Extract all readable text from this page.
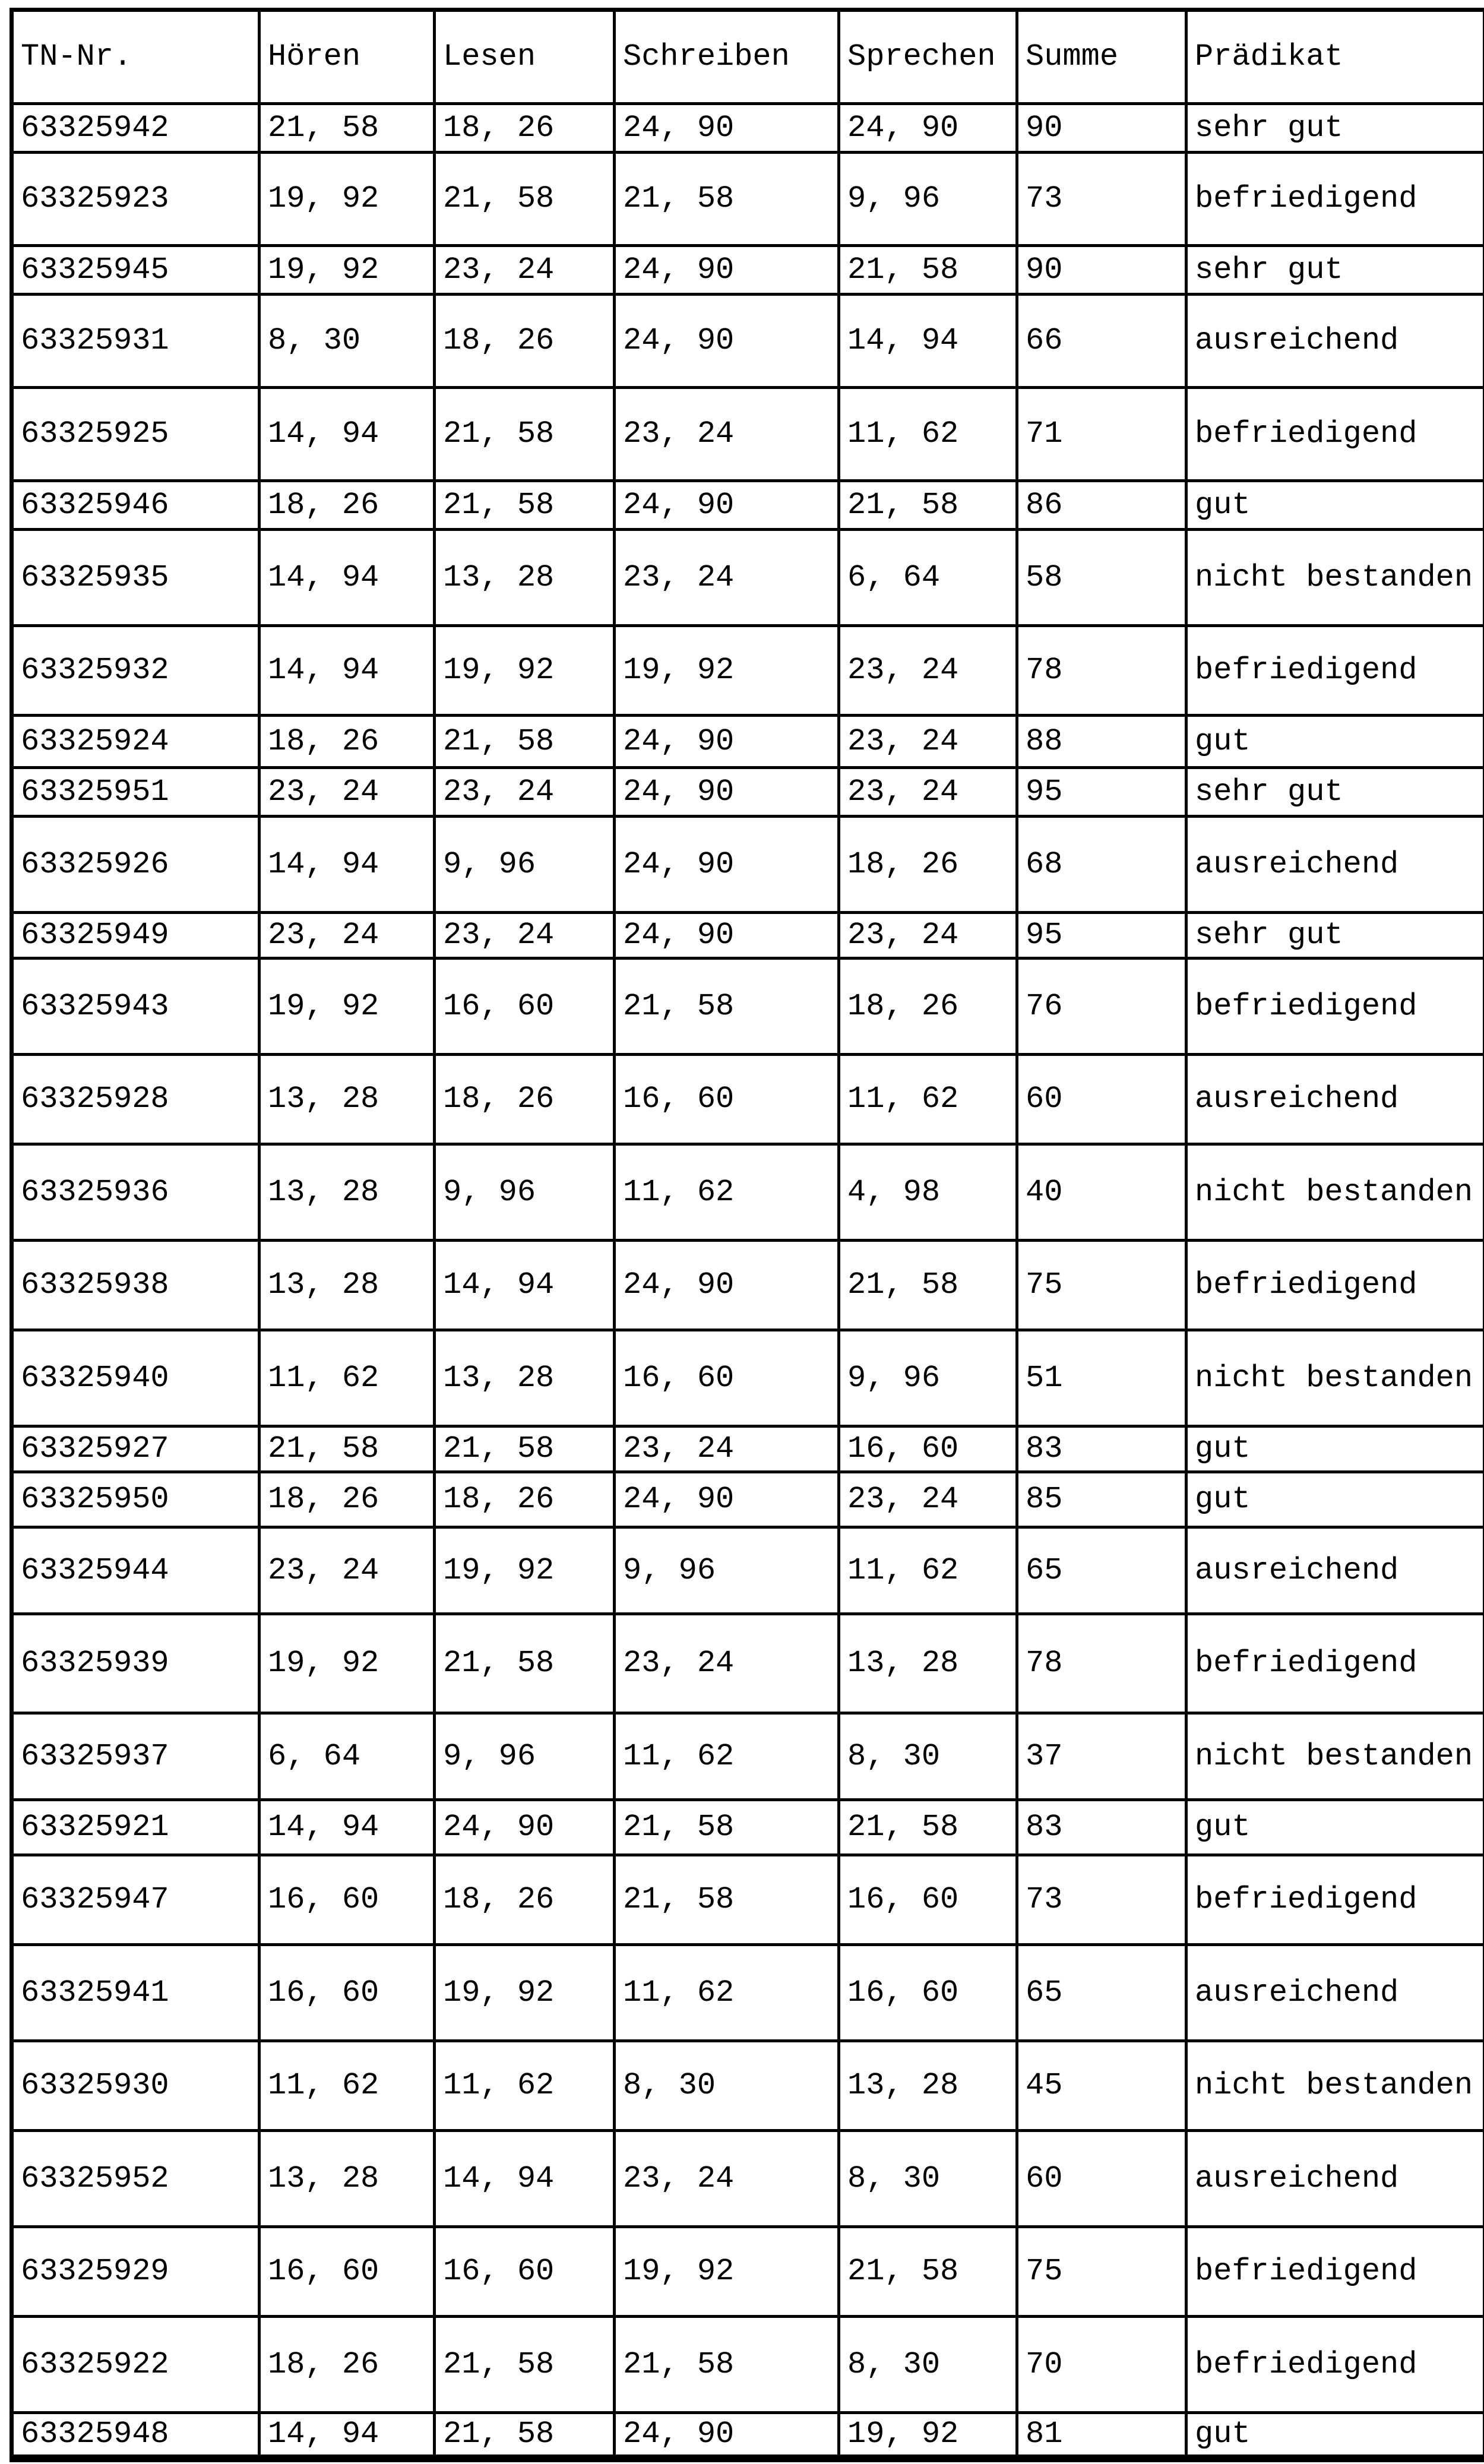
TN-Nr.	Hören	Lesen	Schreiben	Sprechen	Summe	Prädikat
63325942	21, 58	18, 26	24, 90	24, 90	90	sehr gut
63325923	19, 92	21, 58	21, 58	9, 96	73	befriedigend
63325945	19, 92	23, 24	24, 90	21, 58	90	sehr gut
63325931	8, 30	18, 26	24, 90	14, 94	66	ausreichend
63325925	14, 94	21, 58	23, 24	11, 62	71	befriedigend
63325946	18, 26	21, 58	24, 90	21, 58	86	gut
63325935	14, 94	13, 28	23, 24	6, 64	58	nicht bestanden
63325932	14, 94	19, 92	19, 92	23, 24	78	befriedigend
63325924	18, 26	21, 58	24, 90	23, 24	88	gut
63325951	23, 24	23, 24	24, 90	23, 24	95	sehr gut
63325926	14, 94	9, 96	24, 90	18, 26	68	ausreichend
63325949	23, 24	23, 24	24, 90	23, 24	95	sehr gut
63325943	19, 92	16, 60	21, 58	18, 26	76	befriedigend
63325928	13, 28	18, 26	16, 60	11, 62	60	ausreichend
63325936	13, 28	9, 96	11, 62	4, 98	40	nicht bestanden
63325938	13, 28	14, 94	24, 90	21, 58	75	befriedigend
63325940	11, 62	13, 28	16, 60	9, 96	51	nicht bestanden
63325927	21, 58	21, 58	23, 24	16, 60	83	gut
63325950	18, 26	18, 26	24, 90	23, 24	85	gut
63325944	23, 24	19, 92	9, 96	11, 62	65	ausreichend
63325939	19, 92	21, 58	23, 24	13, 28	78	befriedigend
63325937	6, 64	9, 96	11, 62	8, 30	37	nicht bestanden
63325921	14, 94	24, 90	21, 58	21, 58	83	gut
63325947	16, 60	18, 26	21, 58	16, 60	73	befriedigend
63325941	16, 60	19, 92	11, 62	16, 60	65	ausreichend
63325930	11, 62	11, 62	8, 30	13, 28	45	nicht bestanden
63325952	13, 28	14, 94	23, 24	8, 30	60	ausreichend
63325929	16, 60	16, 60	19, 92	21, 58	75	befriedigend
63325922	18, 26	21, 58	21, 58	8, 30	70	befriedigend
63325948	14, 94	21, 58	24, 90	19, 92	81	gut
